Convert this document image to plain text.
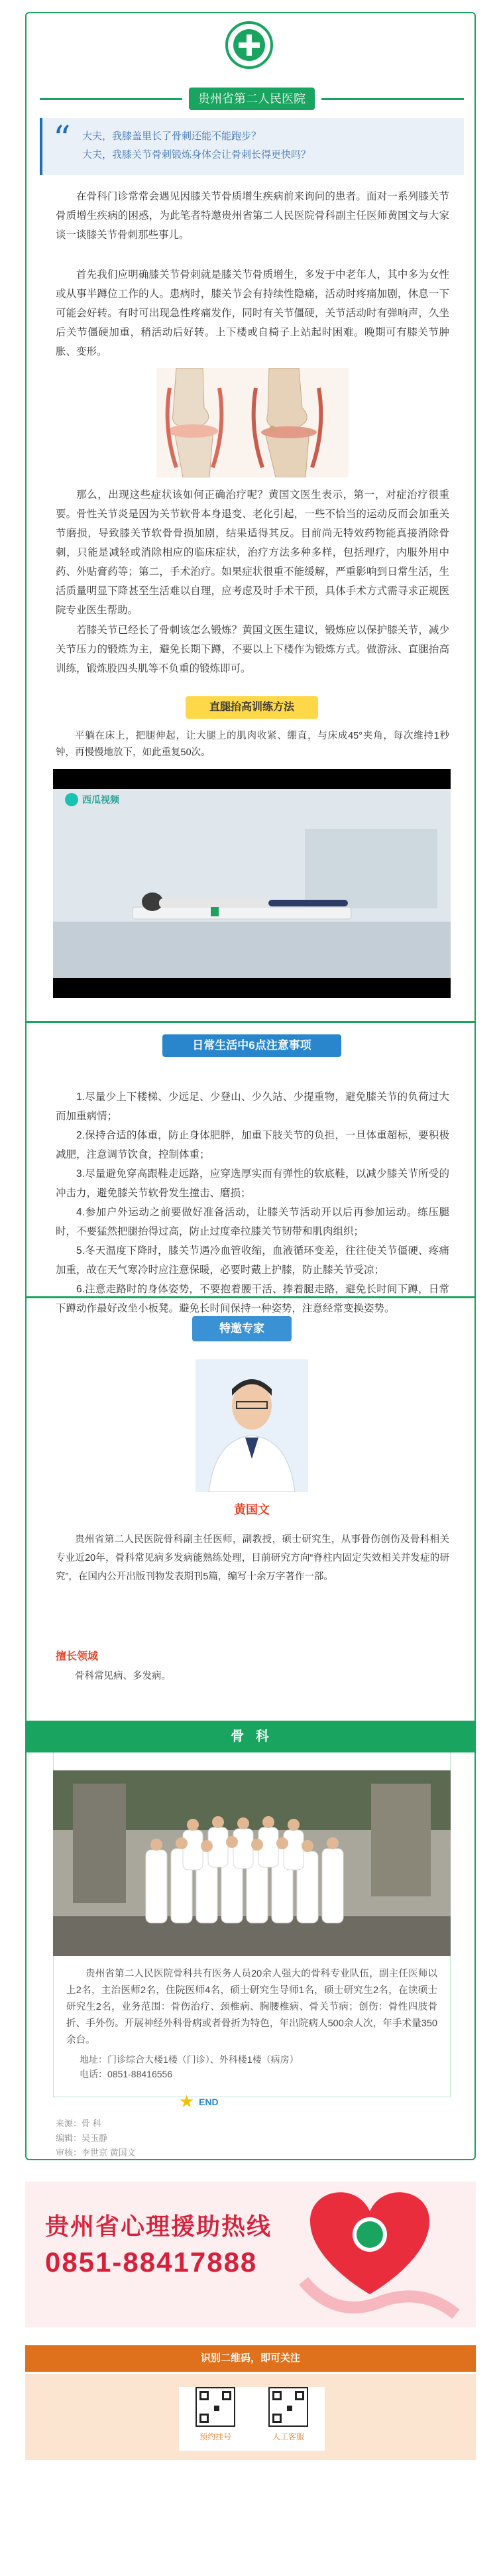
贵州省第二人民医院
“ 大夫，我膝盖里长了骨刺还能不能跑步？
大夫，我膝关节骨刺锻炼身体会让骨刺长得更快吗？

在骨科门诊常常会遇见因膝关节骨质增生疾病前来询问的患者。面对一系列膝关节骨质增生疾病的困惑，为此笔者特邀贵州省第二人民医院骨科副主任医师黄国文与大家谈一谈膝关节骨刺那些事儿。

首先我们应明确膝关节骨刺就是膝关节骨质增生，多发于中老年人，其中多为女性或从事半蹲位工作的人。患病时，膝关节会有持续性隐痛，活动时疼痛加剧，休息一下可能会好转。有时可出现急性疼痛发作，同时有关节僵硬，关节活动时有弹响声，久坐后关节僵硬加重，稍活动后好转。上下楼或自椅子上站起时困难。晚期可有膝关节肿胀、变形。

那么，出现这些症状该如何正确治疗呢？黄国文医生表示，第一，对症治疗很重要。骨性关节炎是因为关节软骨本身退变、老化引起，一些不恰当的运动反而会加重关节磨损，导致膝关节软骨骨损加剧，结果适得其反。目前尚无特效药物能真接消除骨刺，只能是减轻或消除相应的临床症状，治疗方法多种多样，包括理疗，内服外用中药、外贴膏药等；第二，手术治疗。如果症状很重不能缓解，严重影响到日常生活，生活质量明显下降甚至生活难以自理，应考虑及时手术干预，具体手术方式需寻求正规医院专业医生帮助。

若膝关节已经长了骨刺该怎么锻炼？黄国文医生建议，锻炼应以保护膝关节，减少关节压力的锻炼为主，避免长期下蹲，不要以上下楼作为锻炼方式。做游泳、直腿抬高训练，锻炼股四头肌等不负重的锻炼即可。

直腿抬高训练方法

平躺在床上，把腿伸起，让大腿上的肌肉收紧、绷直，与床成45°夹角，每次维持1秒钟，再慢慢地放下，如此重复50次。

西瓜视频
日常生活中6点注意事项

1.尽量少上下楼梯、少远足、少登山、少久站、少提重物，避免膝关节的负荷过大而加重病情；

2.保持合适的体重，防止身体肥胖，加重下肢关节的负担，一旦体重超标，要积极减肥，注意调节饮食，控制体重；

3.尽量避免穿高跟鞋走远路，应穿选厚实而有弹性的软底鞋，以减少膝关节所受的冲击力，避免膝关节软骨发生撞击、磨损；

4.参加户外运动之前要做好准备活动，让膝关节活动开以后再参加运动。练压腿时，不要猛然把腿抬得过高，防止过度牵拉膝关节韧带和肌肉组织；

5.冬天温度下降时，膝关节遇冷血管收缩，血液循环变差，往往使关节僵硬、疼痛加重，故在天气寒冷时应注意保暖，必要时戴上护膝，防止膝关节受凉；

6.注意走路时的身体姿势，不要抱着腰干活、捧着腿走路，避免长时间下蹲，日常下蹲动作最好改坐小板凳。避免长时间保持一种姿势，注意经常变换姿势。

特邀专家
黄国文

贵州省第二人民医院骨科副主任医师，副教授，硕士研究生，从事骨伤创伤及骨科相关专业近20年，骨科常见病多发病能熟练处理，目前研究方向“脊柱内固定失效相关并发症的研究”，在国内公开出版刊物发表期刊5篇，编写十余万字著作一部。

擅长领域

骨科常见病、多发病。

骨 科

贵州省第二人民医院骨科共有医务人员20余人强大的骨科专业队伍，副主任医师以上2名，主治医师2名，住院医师4名，硕士研究生导师1名，硕士研究生2名，在读硕士研究生2名，业务范围：骨伤治疗、颈椎病、胸腰椎病、骨关节病；创伤：骨性四肢骨折、手外伤。开展神经外科骨病或者骨折为特色，年出院病人500余人次，年手术量350余台。

地址：门诊综合大楼1楼（门诊）、外科楼1楼（病房）
电话：0851-88416556
★ END
来源：骨 科
编辑：吴玉静
审核：李世京 黄国文
贵州省心理援助热线
0851-88417888
识别二维码，即可关注
预约挂号	人工客服
